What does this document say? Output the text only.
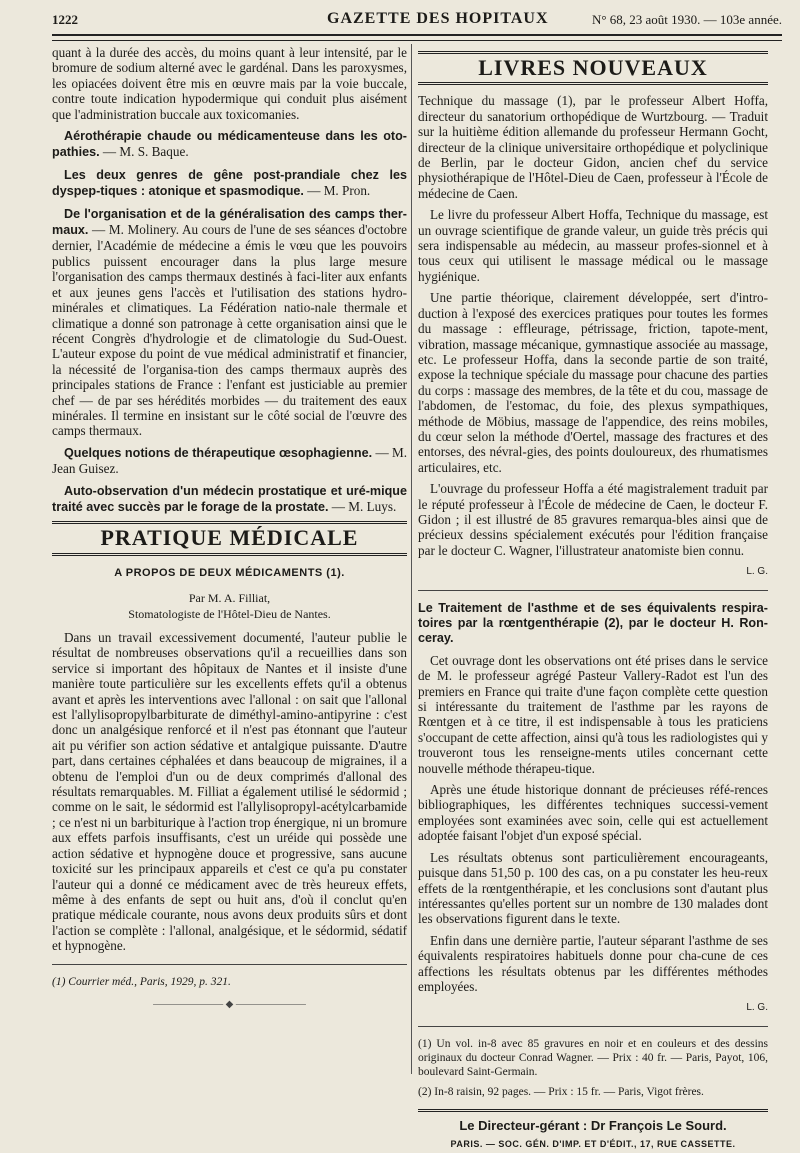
1222	GAZETTE DES HOPITAUX	N° 68, 23 août 1930. — 103e année.

quant à la durée des accès, du moins quant à leur intensité, par le bromure de sodium alterné avec le gardénal. Dans les paroxysmes, les opiacées doivent être mis en œuvre mais par la voie buccale, contre toute indication hypodermique qui conduit plus aisément que l'administration buccale aux toxicomanies.

Aérothérapie chaude ou médicamenteuse dans les oto-pathies. — M. S. Baque.

Les deux genres de gêne post-prandiale chez les dyspep-tiques : atonique et spasmodique. — M. Pron.

De l'organisation et de la généralisation des camps ther-maux. — M. Molinery. Au cours de l'une de ses séances d'octobre dernier, l'Académie de médecine a émis le vœu que les pouvoirs publics puissent encourager dans la plus large mesure l'organisation des camps thermaux destinés à faci-liter aux enfants et aux jeunes gens l'accès et l'utilisation des stations hydro-minérales et climatiques. La Fédération natio-nale thermale et climatique a donné son patronage à cette organisation ainsi que le récent Congrès d'hydrologie et de climatologie du Sud-Ouest. L'auteur expose du point de vue médical administratif et financier, la nécessité de l'organisa-tion des camps thermaux auprès des principales stations de France : l'enfant est justiciable au premier chef — de par ses hérédités morbides — du traitement des eaux minérales. Il termine en insistant sur le côté social de l'œuvre des camps thermaux.

Quelques notions de thérapeutique œsophagienne. — M. Jean Guisez.

Auto-observation d'un médecin prostatique et uré-mique traité avec succès par le forage de la prostate. — M. Luys.

PRATIQUE MÉDICALE
A PROPOS DE DEUX MÉDICAMENTS (1).

Par M. A. Filliat,

Stomatologiste de l'Hôtel-Dieu de Nantes.

Dans un travail excessivement documenté, l'auteur publie le résultat de nombreuses observations qu'il a recueillies dans son service si important des hôpitaux de Nantes et il insiste d'une manière toute particulière sur les excellents effets qu'il a obtenus avant et après les interventions avec l'allonal : on sait que l'allonal est l'allylisopropylbarbiturate de diméthyl-amino-antipyrine : c'est donc un analgésique renforcé et il n'est pas étonnant que l'auteur ait pu vérifier son action sédative et antalgique puissante. D'autre part, dans certaines céphalées et dans beaucoup de migraines, il a obtenu de l'emploi d'un ou de deux comprimés d'allonal des résultats remarquables. M. Filliat a également utilisé le sédormid ; comme on le sait, le sédormid est l'allylisopropyl-acétylcarbamide ; ce n'est ni un barbiturique à l'action trop énergique, ni un bromure aux effets parfois insuffisants, c'est un uréide qui possède une action sédative et hypnogène douce et progressive, sans aucune toxicité sur les principaux appareils et c'est ce qu'a pu constater l'auteur qui a donné ce médicament avec de très heureux effets, même à des enfants de sept ou huit ans, d'où il conclut qu'en pratique médicale courante, nous avons deux produits sûrs et dont l'action se complète : l'allonal, analgésique, et le sédormid, sédatif et hypnogène.

(1) Courrier méd., Paris, 1929, p. 321.

——————— ◆ ———————
LIVRES NOUVEAUX

Technique du massage (1), par le professeur Albert Hoffa, directeur du sanatorium orthopédique de Wurtzbourg. — Traduit sur la huitième édition allemande du professeur Hermann Gocht, directeur de la clinique universitaire orthopédique et polyclinique de Berlin, par le docteur Gidon, ancien chef du service physiothérapique de l'Hôtel-Dieu de Caen, professeur à l'École de médecine de Caen.

Le livre du professeur Albert Hoffa, Technique du massage, est un ouvrage scientifique de grande valeur, un guide très précis qui sera indispensable au médecin, au masseur profes-sionnel et à tous ceux qui utilisent le massage médical ou le massage hygiénique.

Une partie théorique, clairement développée, sert d'intro-duction à l'exposé des exercices pratiques pour toutes les formes du massage : effleurage, pétrissage, friction, tapote-ment, vibration, massage mécanique, gymnastique associée au massage, etc. Le professeur Hoffa, dans la seconde partie de son traité, expose la technique spéciale du massage pour chacune des parties du corps : massage des membres, de la tête et du cou, massage de l'abdomen, de l'estomac, du foie, des plexus sympathiques, méthode de Möbius, massage de l'appendice, des reins mobiles, du cœur selon la méthode d'Oertel, massage des fractures et des entorses, des névral-gies, des points douloureux, des rhumatismes articulaires, etc.

L'ouvrage du professeur Hoffa a été magistralement traduit par le réputé professeur à l'École de médecine de Caen, le docteur F. Gidon ; il est illustré de 85 gravures remarqua-bles ainsi que de précieux dessins spécialement exécutés pour l'édition française par le docteur C. Wagner, l'illustrateur anatomiste bien connu.

L. G.

Le Traitement de l'asthme et de ses équivalents respira-toires par la rœntgenthérapie (2), par le docteur H. Ron-ceray.

Cet ouvrage dont les observations ont été prises dans le service de M. le professeur agrégé Pasteur Vallery-Radot est l'un des premiers en France qui traite d'une façon complète cette question si intéressante du traitement de l'asthme par les rayons de Rœntgen et à ce titre, il est indispensable à tous les praticiens s'occupant de cette affection, ainsi qu'à tous les radiologistes qui y trouveront tous les renseigne-ments utiles concernant cette nouvelle méthode thérapeu-tique.

Après une étude historique donnant de précieuses réfé-rences bibliographiques, les différentes techniques successi-vement employées sont examinées avec soin, celle qui est actuellement adoptée faisant l'objet d'un exposé spécial.

Les résultats obtenus sont particulièrement encourageants, puisque dans 51,50 p. 100 des cas, on a pu constater les heu-reux effets de la rœntgenthérapie, et les conclusions sont d'autant plus intéressantes qu'elles portent sur un nombre de 130 malades dont les observations figurent dans le texte.

Enfin dans une dernière partie, l'auteur séparant l'asthme de ses équivalents respiratoires habituels donne pour cha-cune de ces affections les résultats obtenus par les différentes méthodes employées.

L. G.

(1) Un vol. in-8 avec 85 gravures en noir et en couleurs et des dessins originaux du docteur Conrad Wagner. — Prix : 40 fr. — Paris, Payot, 106, boulevard Saint-Germain.

(2) In-8 raisin, 92 pages. — Prix : 15 fr. — Paris, Vigot frères.

Le Directeur-gérant : Dr François Le Sourd.
PARIS. — SOC. GÉN. D'IMP. ET D'ÉDIT., 17, RUE CASSETTE.
